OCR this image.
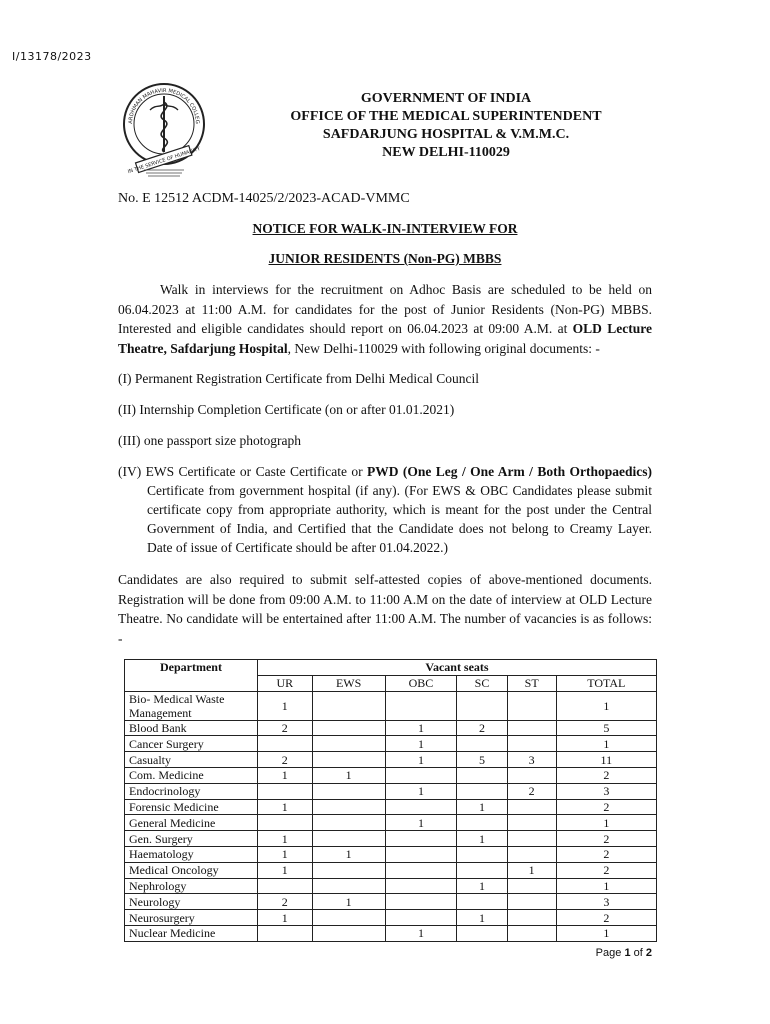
I/13178/2023
ARDHMAN MAHAVIR MEDICAL COLLEG
IN THE SERVICE OF HUMANITY
GOVERNMENT OF INDIA
OFFICE OF THE MEDICAL SUPERINTENDENT
SAFDARJUNG HOSPITAL & V.M.M.C.
NEW DELHI-110029
No. E 12512 ACDM-14025/2/2023-ACAD-VMMC
NOTICE FOR WALK-IN-INTERVIEW FOR
JUNIOR RESIDENTS (Non-PG) MBBS

Walk in interviews for the recruitment on Adhoc Basis are scheduled to be held on 06.04.2023 at 11:00 A.M. for candidates for the post of Junior Residents (Non-PG) MBBS. Interested and eligible candidates should report on 06.04.2023 at 09:00 A.M. at OLD Lecture Theatre, Safdarjung Hospital, New Delhi-110029 with following original documents: -

(I) Permanent Registration Certificate from Delhi Medical Council
(II) Internship Completion Certificate (on or after 01.01.2021)
(III) one passport size photograph
(IV) EWS Certificate or Caste Certificate or PWD (One Leg / One Arm / Both Orthopaedics) Certificate from government hospital (if any). (For EWS & OBC Candidates please submit certificate copy from appropriate authority, which is meant for the post under the Central Government of India, and Certified that the Candidate does not belong to Creamy Layer. Date of issue of Certificate should be after 01.04.2022.)

Candidates are also required to submit self-attested copies of above-mentioned documents. Registration will be done from 09:00 A.M. to 11:00 A.M on the date of interview at OLD Lecture Theatre. No candidate will be entertained after 11:00 A.M. The number of vacancies is as follows: -

Department	Vacant seats					
	UR	EWS	OBC	SC	ST	TOTAL
Bio- Medical Waste Management	1					1
Blood Bank	2		1	2		5
Cancer Surgery			1			1
Casualty	2		1	5	3	11
Com. Medicine	1	1				2
Endocrinology			1		2	3
Forensic Medicine	1			1		2
General Medicine			1			1
Gen. Surgery	1			1		2
Haematology	1	1				2
Medical Oncology	1				1	2
Nephrology				1		1
Neurology	2	1				3
Neurosurgery	1			1		2
Nuclear Medicine			1			1
Page 1 of 2
